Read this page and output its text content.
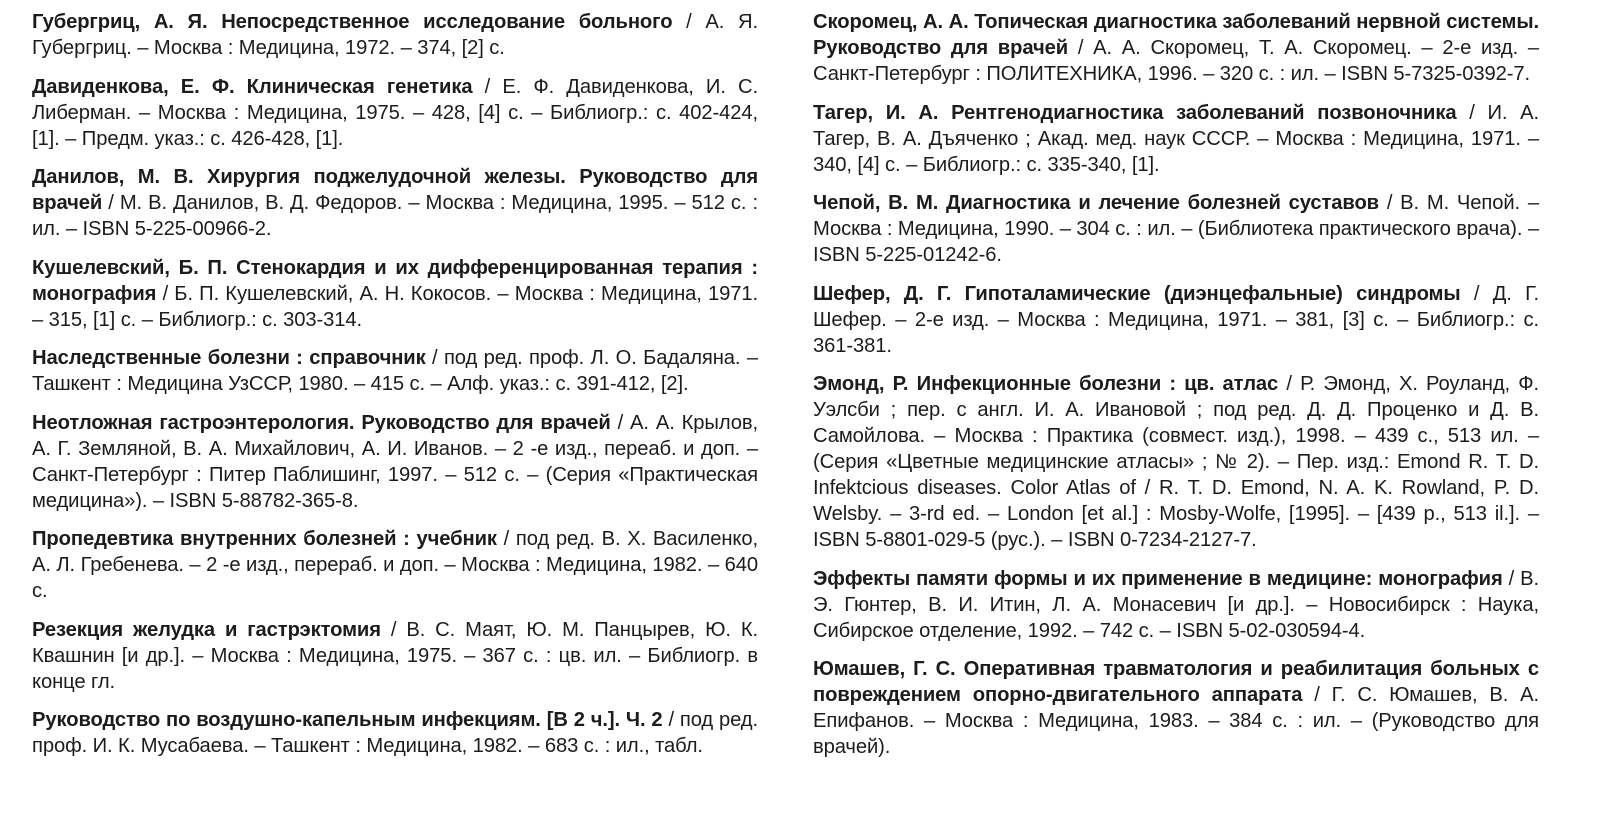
Губергриц, А. Я. Непосредственное исследование больного / А. Я. Губергриц. – Москва : Медицина, 1972. – 374, [2] с.

Давиденкова, Е. Ф. Клиническая генетика / Е. Ф. Давиденкова, И. С. Либерман. – Москва : Медицина, 1975. – 428, [4] с. – Библиогр.: с. 402-424, [1]. – Предм. указ.: с. 426-428, [1].

Данилов, М. В. Хирургия поджелудочной железы. Руководство для врачей / М. В. Данилов, В. Д. Федоров. – Москва : Медицина, 1995. – 512 с. : ил. – ISBN 5-225-00966-2.

Кушелевский, Б. П. Стенокардия и их дифференцированная терапия : монография / Б. П. Кушелевский, А. Н. Кокосов. – Москва : Медицина, 1971. – 315, [1] с. – Библиогр.: с. 303-314.

Наследственные болезни : справочник / под ред. проф. Л. О. Бадаляна. – Ташкент : Медицина УзССР, 1980. – 415 с. – Алф. указ.: с. 391-412, [2].

Неотложная гастроэнтерология. Руководство для врачей / А. А. Крылов, А. Г. Земляной, В. А. Михайлович, А. И. Иванов. – 2 -е изд., переаб. и доп. – Санкт-Петербург : Питер Паблишинг, 1997. – 512 с. – (Серия «Практическая медицина»). – ISBN 5-88782-365-8.

Пропедевтика внутренних болезней : учебник / под ред. В. Х. Василенко, А. Л. Гребенева. – 2 -е изд., перераб. и доп. – Москва : Медицина, 1982. – 640 с.

Резекция желудка и гастрэктомия / В. С. Маят, Ю. М. Панцырев, Ю. К. Квашнин [и др.]. – Москва : Медицина, 1975. – 367 с. : цв. ил. – Библиогр. в конце гл.

Руководство по воздушно-капельным инфекциям. [В 2 ч.]. Ч. 2 / под ред. проф. И. К. Мусабаева. – Ташкент : Медицина, 1982. – 683 с. : ил., табл.

Скоромец, А. А. Топическая диагностика заболеваний нервной системы. Руководство для врачей / А. А. Скоромец, Т. А. Скоромец. – 2-е изд. – Санкт-Петербург : ПОЛИТЕХНИКА, 1996. – 320 с. : ил. – ISBN 5-7325-0392-7.

Тагер, И. А. Рентгенодиагностика заболеваний позвоночника / И. А. Тагер, В. А. Дъяченко ; Акад. мед. наук СССР. – Москва : Медицина, 1971. – 340, [4] с. – Библиогр.: с. 335-340, [1].

Чепой, В. М. Диагностика и лечение болезней суставов / В. М. Чепой. – Москва : Медицина, 1990. – 304 с. : ил. – (Библиотека практического врача). – ISBN 5-225-01242-6.

Шефер, Д. Г. Гипоталамические (диэнцефальные) синдромы / Д. Г. Шефер. – 2-е изд. – Москва : Медицина, 1971. – 381, [3] с. – Библиогр.: с. 361-381.

Эмонд, Р. Инфекционные болезни : цв. атлас / Р. Эмонд, Х. Роуланд, Ф. Уэлсби ; пер. с англ. И. А. Ивановой ; под ред. Д. Д. Проценко и Д. В. Самойлова. – Москва : Практика (совмест. изд.), 1998. – 439 с., 513 ил. – (Серия «Цветные медицинские атласы» ; № 2). – Пер. изд.: Emond R. T. D. Infektcious diseases. Color Atlas of / R. T. D. Emond, N. A. K. Rowland, P. D. Welsby. – 3-rd ed. – London [et al.] : Mosby-Wolfe, [1995]. – [439 p., 513 il.]. – ISBN 5-8801-029-5 (рус.). – ISBN 0-7234-2127-7.

Эффекты памяти формы и их применение в медицине: монография / В. Э. Гюнтер, В. И. Итин, Л. А. Монасевич [и др.]. – Новосибирск : Наука, Сибирское отделение, 1992. – 742 с. – ISBN 5-02-030594-4.

Юмашев, Г. С. Оперативная травматология и реабилитация больных с повреждением опорно-двигательного аппарата / Г. С. Юмашев, В. А. Епифанов. – Москва : Медицина, 1983. – 384 с. : ил. – (Руководство для врачей).
